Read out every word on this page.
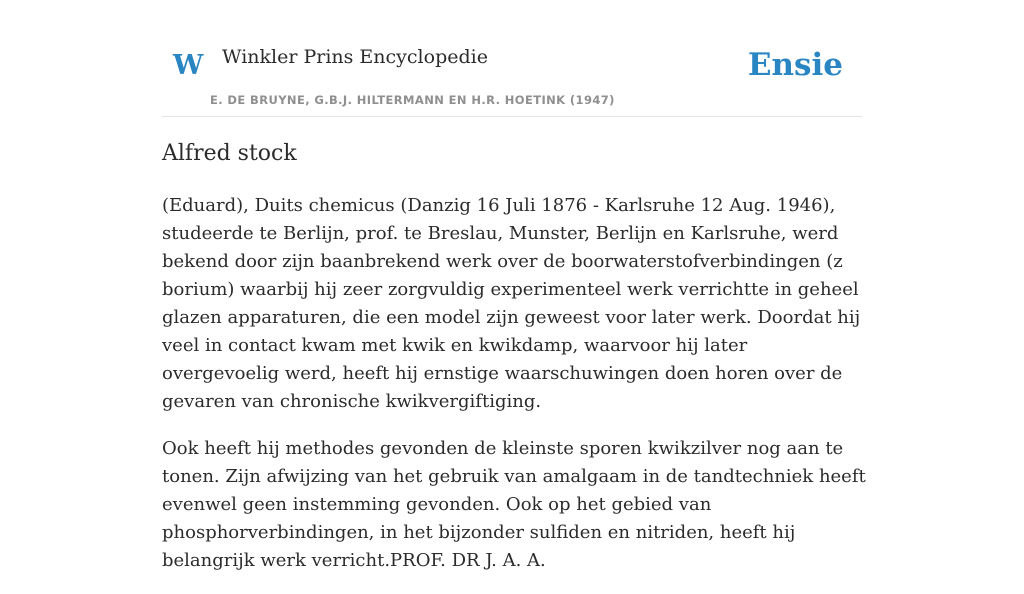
W Winkler Prins Encyclopedie
E. DE BRUYNE, G.B.J. HILTERMANN EN H.R. HOETINK (1947)
Ensie
Alfred stock

(Eduard), Duits chemicus (Danzig 16 Juli 1876 - Karlsruhe 12 Aug. 1946), studeerde te Berlijn, prof. te Breslau, Munster, Berlijn en Karlsruhe, werd bekend door zijn baanbrekend werk over de boorwaterstofverbindingen (z borium) waarbij hij zeer zorgvuldig experimenteel werk verrichtte in geheel glazen apparaturen, die een model zijn geweest voor later werk. Doordat hij veel in contact kwam met kwik en kwikdamp, waarvoor hij later overgevoelig werd, heeft hij ernstige waarschuwingen doen horen over de gevaren van chronische kwikvergiftiging.

Ook heeft hij methodes gevonden de kleinste sporen kwikzilver nog aan te tonen. Zijn afwijzing van het gebruik van amalgaam in de tandtechniek heeft evenwel geen instemming gevonden. Ook op het gebied van phosphorverbindingen, in het bijzonder sulfiden en nitriden, heeft hij belangrijk werk verricht.PROF. DR J. A. A.
